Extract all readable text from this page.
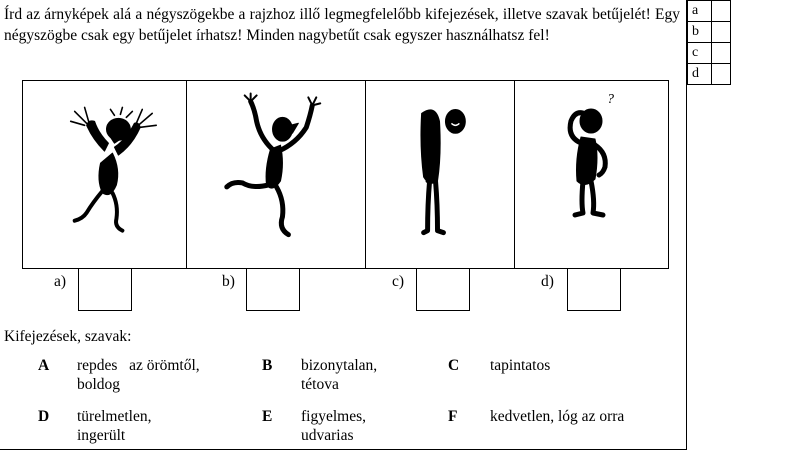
Írd az árnyképek alá a négyszögekbe a rajzhoz illő legmegfelelőbb kifejezések, illetve szavak betűjelét! Egy négyszögbe csak egy betűjelet írhatsz! Minden nagybetűt csak egyszer használhatsz fel!
a	
b	
c	
d	
?
a)	b)	c)	d)
Kifejezések, szavak:
A repdes   az örömtől,
boldog
B bizonytalan,
tétova
C tapintatos
D türelmetlen,
ingerült
E figyelmes,
udvarias
F kedvetlen, lóg az orra
